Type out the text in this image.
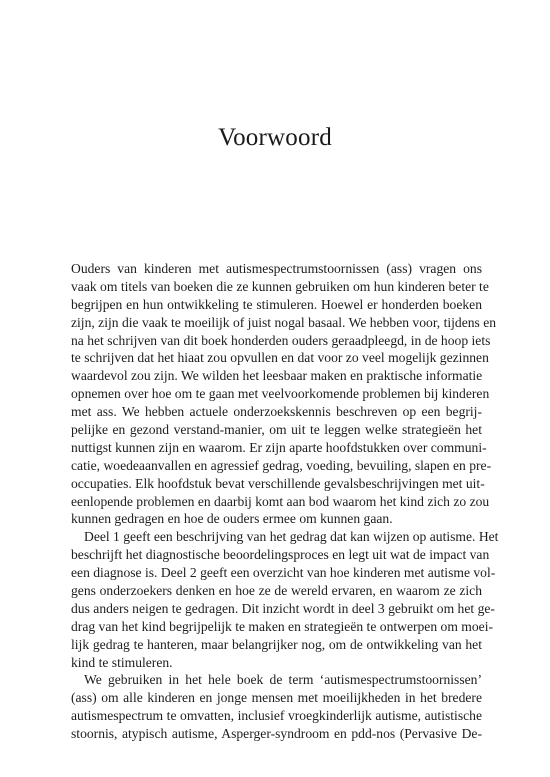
Voorwoord
Ouders van kinderen met autismespectrumstoornissen (ass) vragen ons
vaak om titels van boeken die ze kunnen gebruiken om hun kinderen beter te
begrijpen en hun ontwikkeling te stimuleren. Hoewel er honderden boeken
zijn, zijn die vaak te moeilijk of juist nogal basaal. We hebben voor, tijdens en
na het schrijven van dit boek honderden ouders geraadpleegd, in de hoop iets
te schrijven dat het hiaat zou opvullen en dat voor zo veel mogelijk gezinnen
waardevol zou zijn. We wilden het leesbaar maken en praktische informatie
opnemen over hoe om te gaan met veelvoorkomende problemen bij kinderen
met ass. We hebben actuele onderzoekskennis beschreven op een begrij-
pelijke en gezond verstand-manier, om uit te leggen welke strategieën het
nuttigst kunnen zijn en waarom. Er zijn aparte hoofdstukken over communi-
catie, woedeaanvallen en agressief gedrag, voeding, bevuiling, slapen en pre-
occupaties. Elk hoofdstuk bevat verschillende gevalsbeschrijvingen met uit-
eenlopende problemen en daarbij komt aan bod waarom het kind zich zo zou
kunnen gedragen en hoe de ouders ermee om kunnen gaan.
Deel 1 geeft een beschrijving van het gedrag dat kan wijzen op autisme. Het
beschrijft het diagnostische beoordelingsproces en legt uit wat de impact van
een diagnose is. Deel 2 geeft een overzicht van hoe kinderen met autisme vol-
gens onderzoekers denken en hoe ze de wereld ervaren, en waarom ze zich
dus anders neigen te gedragen. Dit inzicht wordt in deel 3 gebruikt om het ge-
drag van het kind begrijpelijk te maken en strategieën te ontwerpen om moei-
lijk gedrag te hanteren, maar belangrijker nog, om de ontwikkeling van het
kind te stimuleren.
We gebruiken in het hele boek de term ‘autismespectrumstoornissen’
(ass) om alle kinderen en jonge mensen met moeilijkheden in het bredere
autismespectrum te omvatten, inclusief vroegkinderlijk autisme, autistische
stoornis, atypisch autisme, Asperger-syndroom en pdd-nos (Pervasive De-
